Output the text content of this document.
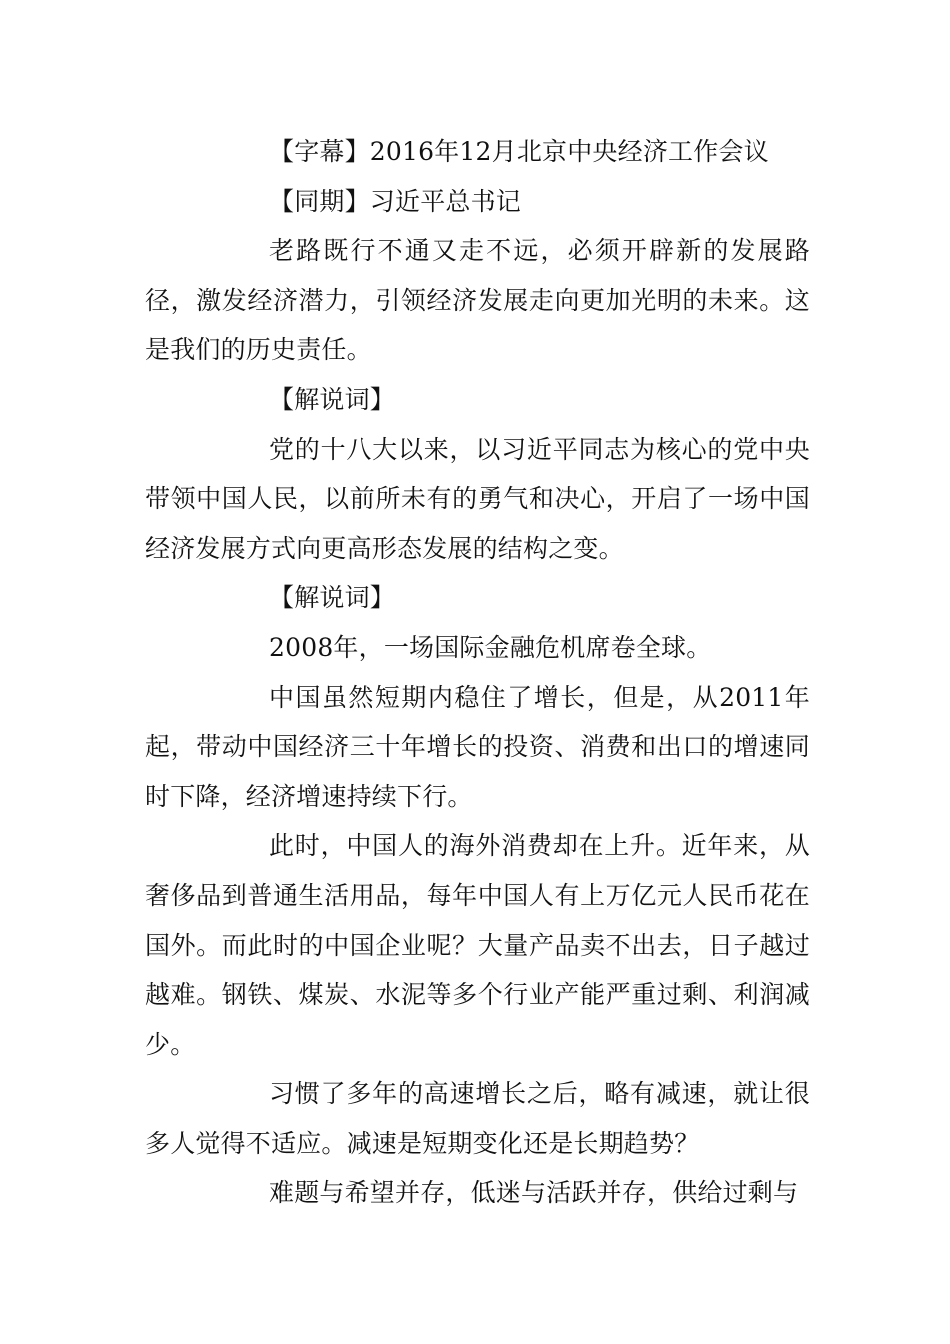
【字幕】2016年12月北京中央经济工作会议

【同期】习近平总书记

老路既行不通又走不远，必须开辟新的发展路径，激发经济潜力，引领经济发展走向更加光明的未来。这是我们的历史责任。

【解说词】

党的十八大以来，以习近平同志为核心的党中央带领中国人民，以前所未有的勇气和决心，开启了一场中国经济发展方式向更高形态发展的结构之变。

【解说词】

2008年，一场国际金融危机席卷全球。

中国虽然短期内稳住了增长，但是，从2011年起，带动中国经济三十年增长的投资、消费和出口的增速同时下降，经济增速持续下行。

此时，中国人的海外消费却在上升。近年来，从奢侈品到普通生活用品，每年中国人有上万亿元人民币花在国外。而此时的中国企业呢？大量产品卖不出去，日子越过越难。钢铁、煤炭、水泥等多个行业产能严重过剩、利润减少。

习惯了多年的高速增长之后，略有减速，就让很多人觉得不适应。减速是短期变化还是长期趋势？

难题与希望并存，低迷与活跃并存，供给过剩与
